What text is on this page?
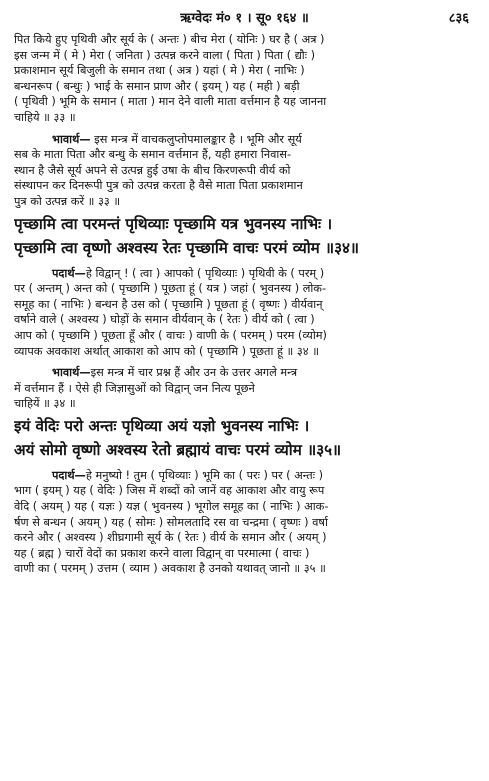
ऋग्वेदः मं० १ । सू० १६४ ॥	८३६
पित किये हुए पृथिवी और सूर्य के ( अन्तः ) बीच मेरा ( योनिः ) घर है ( अत्र )
इस जन्म में ( मे ) मेरा ( जनिता ) उत्पन्न करने वाला ( पिता ) पिता ( द्यौः )
प्रकाशमान सूर्य बिजुली के समान तथा ( अत्र ) यहां ( मे ) मेरा ( नाभिः )
बन्धनरूप ( बन्धुः ) भाई के समान प्राण और ( इयम् ) यह ( मही ) बड़ी
( पृथिवी ) भूमि के समान ( माता ) मान देने वाली माता वर्त्तमान है यह जानना
चाहिये ॥ ३३ ॥
भावार्थ— इस मन्त्र में वाचकलुप्तोपमालङ्कार है । भूमि और सूर्य
सब के माता पिता और बन्धु के समान वर्त्तमान हैं, यही हमारा निवास-
स्थान है जैसे सूर्य अपने से उत्पन्न हुई उषा के बीच किरणरूपी वीर्य को
संस्थापन कर दिनरूपी पुत्र को उत्पन्न करता है वैसे माता पिता प्रकाशमान
पुत्र को उत्पन्न करें ॥ ३३ ॥
पृच्छामि त्वा परमन्तं पृथिव्याः पृच्छामि यत्र भुवनस्य नाभिः ।
पृच्छामि त्वा वृष्णो अश्वस्य रेतः पृच्छामि वाचः परमं व्योम ॥३४॥
पदार्थ—हे विद्वान् ! ( त्वा ) आपको ( पृथिव्याः ) पृथिवी के ( परम् )
पर ( अन्तम् ) अन्त को ( पृच्छामि ) पूछता हूं ( यत्र ) जहां ( भुवनस्य ) लोक-
समूह का ( नाभिः ) बन्धन है उस को ( पृच्छामि ) पूछता हूं ( वृष्णः ) वीर्यवान्
वर्षाने वाले ( अश्वस्य ) घोड़ों के समान वीर्यवान् के ( रेतः ) वीर्य को ( त्वा )
आप को ( पृच्छामि ) पूछता हूँ और ( वाचः ) वाणी के ( परमम् ) परम (व्योम)
व्यापक अवकाश अर्थात् आकाश को आप को ( पृच्छामि ) पूछता हूं ॥ ३४ ॥
भावार्थ—इस मन्त्र में चार प्रश्न हैं और उन के उत्तर अगले मन्त्र
में वर्त्तमान हैं । ऐसे ही जिज्ञासुओं को विद्वान् जन नित्य पूछने
चाहियें ॥ ३४ ॥
इयं वेदिः परो अन्तः पृथिव्या अयं यज्ञो भुवनस्य नाभिः ।
अयं सोमो वृष्णो अश्वस्य रेतो ब्रह्मायं वाचः परमं व्योम ॥३५॥
पदार्थ—हे मनुष्यो ! तुम ( पृथिव्याः ) भूमि का ( परः ) पर ( अन्तः )
भाग ( इयम् ) यह ( वेदिः ) जिस में शब्दों को जानें वह आकाश और वायु रूप
वेदि ( अयम् ) यह ( यज्ञः ) यज्ञ ( भुवनस्य ) भूगोल समूह का ( नाभिः ) आक-
र्षण से बन्धन ( अयम् ) यह ( सोमः ) सोमलतादि रस वा चन्द्रमा ( वृष्णः ) वर्षा
करने और ( अश्वस्य ) शीघ्रगामी सूर्य के ( रेतः ) वीर्य के समान और ( अयम् )
यह ( ब्रह्म ) चारों वेदों का प्रकाश करने वाला विद्वान् वा परमात्मा ( वाचः )
वाणी का ( परमम् ) उत्तम ( व्याम ) अवकाश है उनको यथावत् जानो ॥ ३५ ॥
